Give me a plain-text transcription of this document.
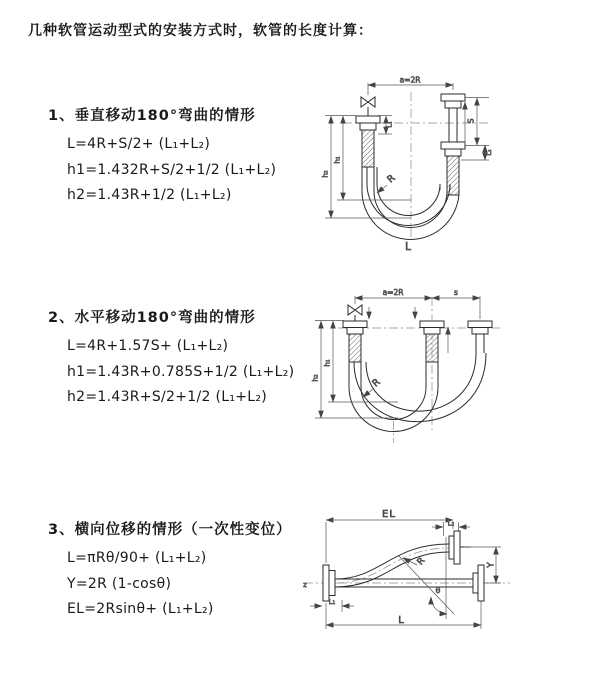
几种软管运动型式的安装方式时，软管的长度计算：
1、垂直移动180°弯曲的情形
L=4R+S/2+ (L₁+L₂)
h1=1.432R+S/2+1/2 (L₁+L₂)
h2=1.43R+1/2 (L₁+L₂)
2、水平移动180°弯曲的情形
L=4R+1.57S+ (L₁+L₂)
h1=1.43R+0.785S+1/2 (L₁+L₂)
h2=1.43R+S/2+1/2 (L₁+L₂)
3、横向位移的情形（一次性变位）
L=πRθ/90+ (L₁+L₂)
Y=2R (1-cosθ)
EL=2Rsinθ+ (L₁+L₂)
a=2R
S
L₂
L₁
h₁
h₂	R
L
a=2R	s
h₁
h₂	R
θ
EL
L₂
Y
L
L₁
R
z
